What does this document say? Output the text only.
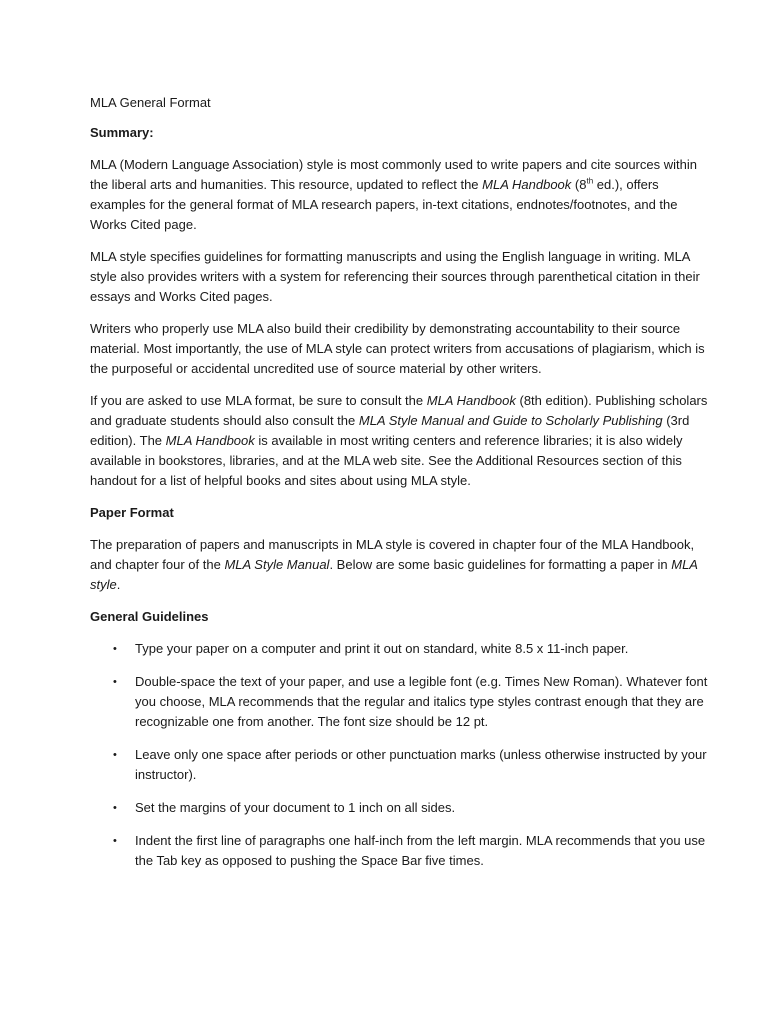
MLA General Format
Summary:

MLA (Modern Language Association) style is most commonly used to write papers and cite sources within the liberal arts and humanities. This resource, updated to reflect the MLA Handbook (8th ed.), offers examples for the general format of MLA research papers, in-text citations, endnotes/footnotes, and the Works Cited page.

MLA style specifies guidelines for formatting manuscripts and using the English language in writing. MLA style also provides writers with a system for referencing their sources through parenthetical citation in their essays and Works Cited pages.

Writers who properly use MLA also build their credibility by demonstrating accountability to their source material. Most importantly, the use of MLA style can protect writers from accusations of plagiarism, which is the purposeful or accidental uncredited use of source material by other writers.

If you are asked to use MLA format, be sure to consult the MLA Handbook (8th edition). Publishing scholars and graduate students should also consult the MLA Style Manual and Guide to Scholarly Publishing (3rd edition). The MLA Handbook is available in most writing centers and reference libraries; it is also widely available in bookstores, libraries, and at the MLA web site. See the Additional Resources section of this handout for a list of helpful books and sites about using MLA style.

Paper Format

The preparation of papers and manuscripts in MLA style is covered in chapter four of the MLA Handbook, and chapter four of the MLA Style Manual. Below are some basic guidelines for formatting a paper in MLA style.

General Guidelines
• Type your paper on a computer and print it out on standard, white 8.5 x 11-inch paper.
• Double-space the text of your paper, and use a legible font (e.g. Times New Roman). Whatever font you choose, MLA recommends that the regular and italics type styles contrast enough that they are recognizable one from another. The font size should be 12 pt.
• Leave only one space after periods or other punctuation marks (unless otherwise instructed by your instructor).
• Set the margins of your document to 1 inch on all sides.
• Indent the first line of paragraphs one half-inch from the left margin. MLA recommends that you use the Tab key as opposed to pushing the Space Bar five times.
